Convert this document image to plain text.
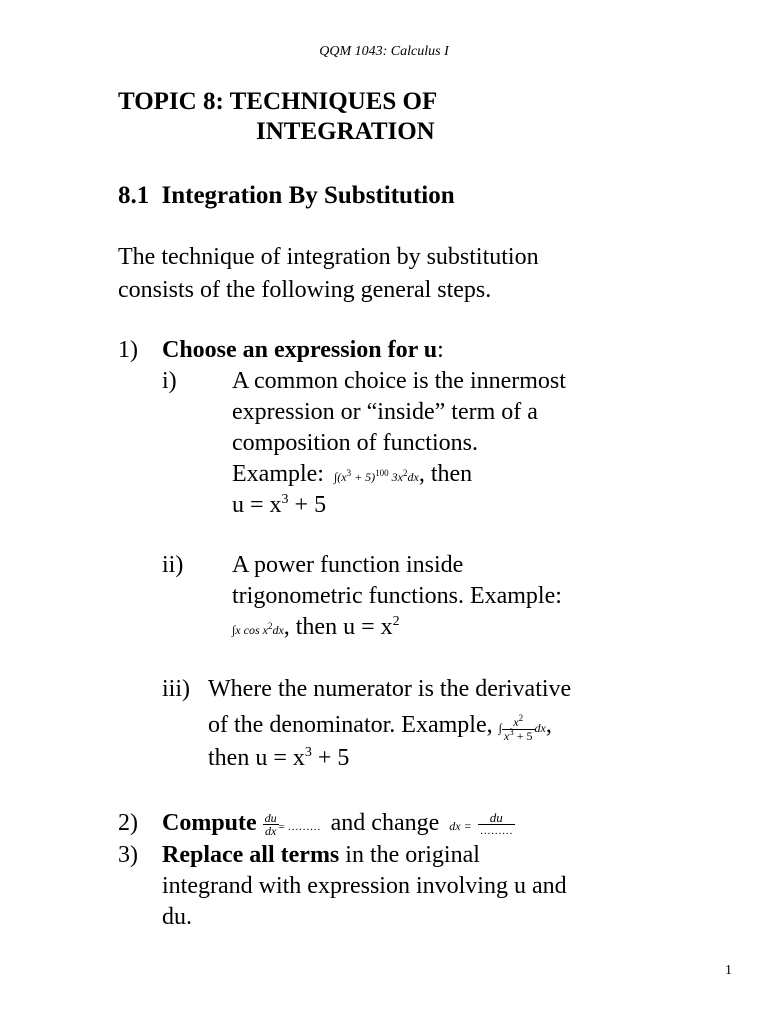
QQM 1043: Calculus I
TOPIC 8: TECHNIQUES OF
INTEGRATION
8.1 Integration By Substitution
The technique of integration by substitution
consists of the following general steps.
1) Choose an expression for u:
i) A common choice is the innermost
expression or “inside” term of a
composition of functions.
Example: $\int(x^3 + 5)^{100}$ $3x^2dx$, then
$u = x^3 + 5$
ii) A power function inside
trigonometric functions. Example:
∫x $\cos x^2dx$, then $u = x^2$
iii) Where the numerator is the derivative
of the denominator. Example, ∫ $\frac{x^2}{x^3 + 5}$ dx,
then $u = x^3 + 5$
2) Compute $\frac{du}{dx}$ = ……… and change dx = $\frac{du}{\dots\dots\dots}$
3) Replace all terms in the original
integrand with expression involving u and
du.
1
